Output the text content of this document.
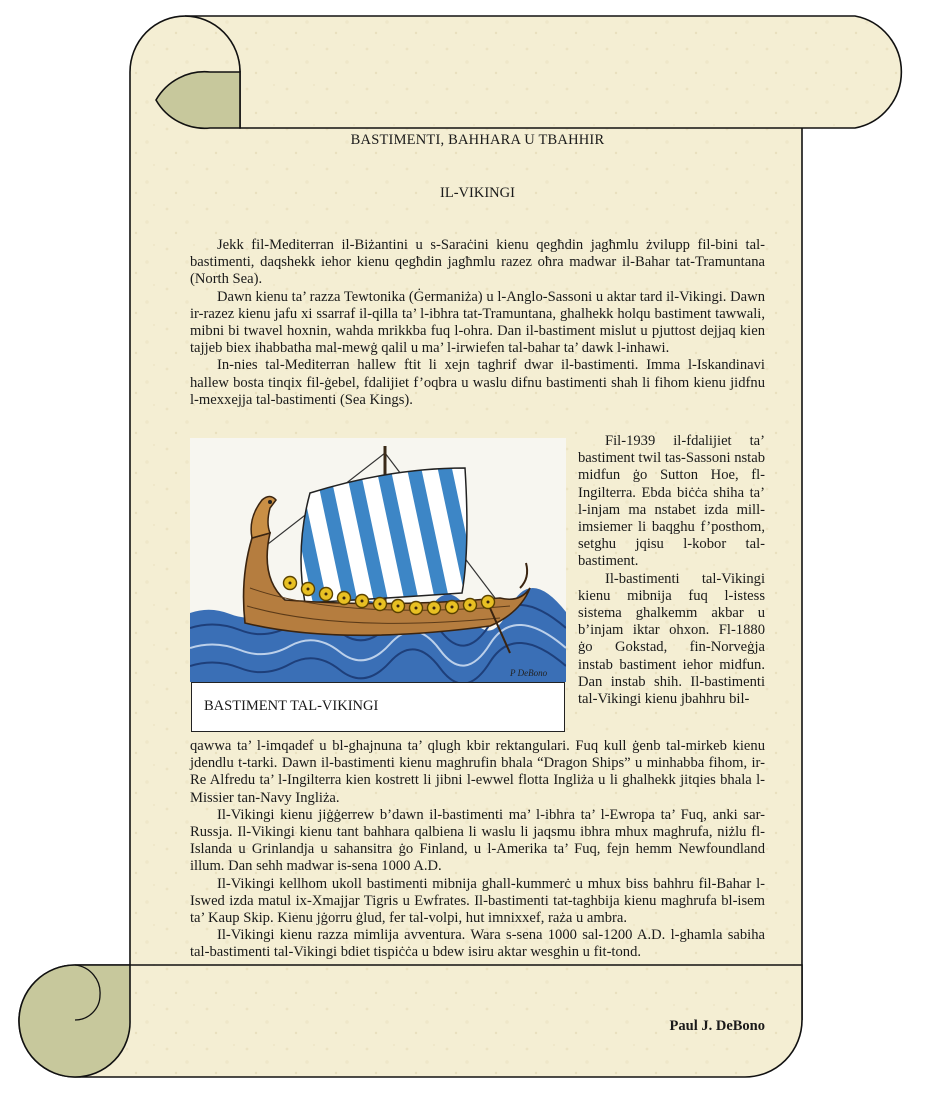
BASTIMENTI, BAHHARA U TBAHHIR
IL-VIKINGI

Jekk fil-Mediterran il-Biżantini u s-Saraċini kienu qegħdin jagħmlu żvilupp fil-bini tal-bastimenti, daqshekk iehor kienu qegħdin jagħmlu razez oħra madwar il-Bahar tat-Tramuntana (North Sea).

Dawn kienu ta’ razza Tewtonika (Ġermaniża) u l-Anglo-Sassoni u aktar tard il-Vikingi. Dawn ir-razez kienu jafu xi ssarraf il-qilla ta’ l-ibhra tat-Tramuntana, ghalhekk holqu bastiment tawwali, mibni bi twavel hoxnin, wahda mrikkba fuq l-ohra. Dan il-bastiment mislut u pjuttost dejjaq kien tajjeb biex ihabbatha mal-mewġ qalil u ma’ l-irwiefen tal-bahar ta’ dawk l-inhawi.

In-nies tal-Mediterran hallew ftit li xejn taghrif dwar il-bastimenti. Imma l-Iskandinavi hallew bosta tinqix fil-ġebel, fdalijiet f’oqbra u waslu difnu bastimenti shah li fihom kienu jidfnu l-mexxejja tal-bastimenti (Sea Kings).

P DeBono
BASTIMENT TAL-VIKINGI

Fil-1939 il-fdalijiet ta’ bastiment twil tas-Sassoni nstab midfun ġo Sutton Hoe, fl-Ingilterra. Ebda biċċa shiha ta’ l-injam ma nstabet izda mill-imsiemer li baqghu f’posthom, setghu jqisu l-kobor tal-bastiment.

Il-bastimenti tal-Vikingi kienu mibnija fuq l-istess sistema ghalkemm akbar u b’injam iktar ohxon. Fl-1880 ġo Gokstad, fin-Norveġja instab bastiment iehor midfun. Dan instab shih. Il-bastimenti tal-Vikingi kienu jbahhru bil-

qawwa ta’ l-imqadef u bl-ghajnuna ta’ qlugh kbir rektangulari. Fuq kull ġenb tal-mirkeb kienu jdendlu t-tarki. Dawn il-bastimenti kienu maghrufin bhala “Dragon Ships” u minhabba fihom, ir-Re Alfredu ta’ l-Ingilterra kien kostrett li jibni l-ewwel flotta Ingliża u li ghalhekk jitqies bhala l-Missier tan-Navy Ingliża.

Il-Vikingi kienu jiġġerrew b’dawn il-bastimenti ma’ l-ibhra ta’ l-Ewropa ta’ Fuq, anki sar-Russja. Il-Vikingi kienu tant bahhara qalbiena li waslu li jaqsmu ibhra mhux maghrufa, niżlu fl-Islanda u Grinlandja u sahansitra ġo Finland, u l-Amerika ta’ Fuq, fejn hemm Newfoundland illum. Dan sehh madwar is-sena 1000 A.D.

Il-Vikingi kellhom ukoll bastimenti mibnija ghall-kummerċ u mhux biss bahhru fil-Bahar l-Iswed izda matul ix-Xmajjar Tigris u Ewfrates. Il-bastimenti tat-taghbija kienu maghrufa bl-isem ta’ Kaup Skip. Kienu jġorru ġlud, fer tal-volpi, hut imnixxef, raża u ambra.

Il-Vikingi kienu razza mimlija avventura. Wara s-sena 1000 sal-1200 A.D. l-ghamla sabiha tal-bastimenti tal-Vikingi bdiet tispiċċa u bdew isiru aktar wesghin u fit-tond.

Paul J. DeBono
